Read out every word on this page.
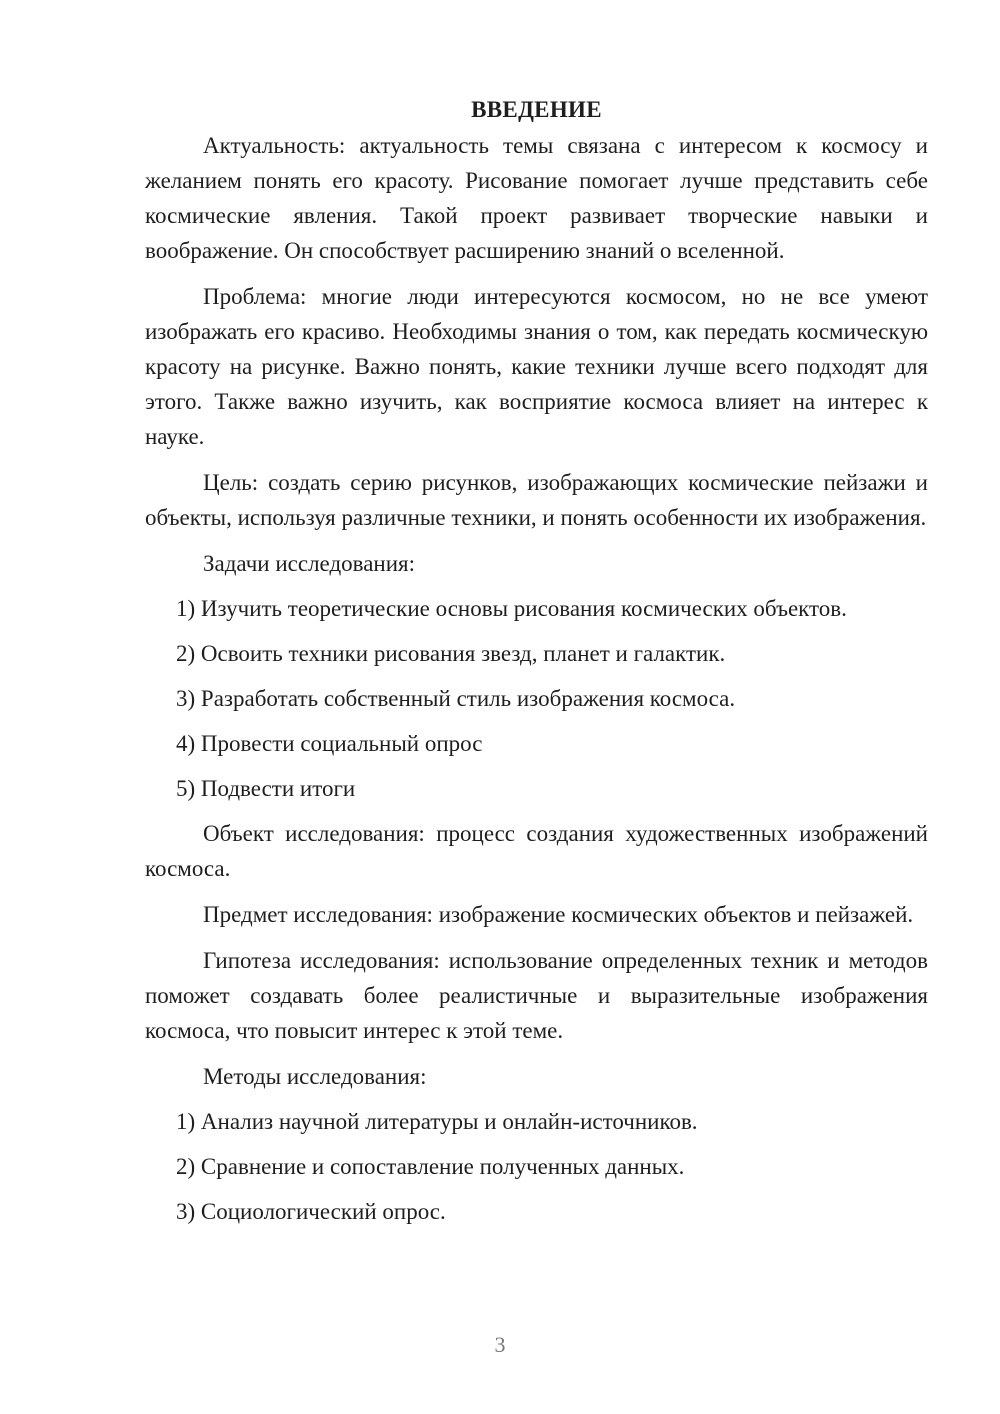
ВВЕДЕНИЕ

Актуальность: актуальность темы связана с интересом к космосу и желанием понять его красоту. Рисование помогает лучше представить себе космические явления. Такой проект развивает творческие навыки и воображение. Он способствует расширению знаний о вселенной.

Проблема: многие люди интересуются космосом, но не все умеют изображать его красиво. Необходимы знания о том, как передать космическую красоту на рисунке. Важно понять, какие техники лучше всего подходят для этого. Также важно изучить, как восприятие космоса влияет на интерес к науке.

Цель: создать серию рисунков, изображающих космические пейзажи и объекты, используя различные техники, и понять особенности их изображения.

Задачи исследования:

1) Изучить теоретические основы рисования космических объектов.
2) Освоить техники рисования звезд, планет и галактик.
3) Разработать собственный стиль изображения космоса.
4) Провести социальный опрос
5) Подвести итоги

Объект исследования: процесс создания художественных изображений космоса.

Предмет исследования: изображение космических объектов и пейзажей.

Гипотеза исследования: использование определенных техник и методов поможет создавать более реалистичные и выразительные изображения космоса, что повысит интерес к этой теме.

Методы исследования:

1) Анализ научной литературы и онлайн-источников.
2) Сравнение и сопоставление полученных данных.
3) Социологический опрос.
3
